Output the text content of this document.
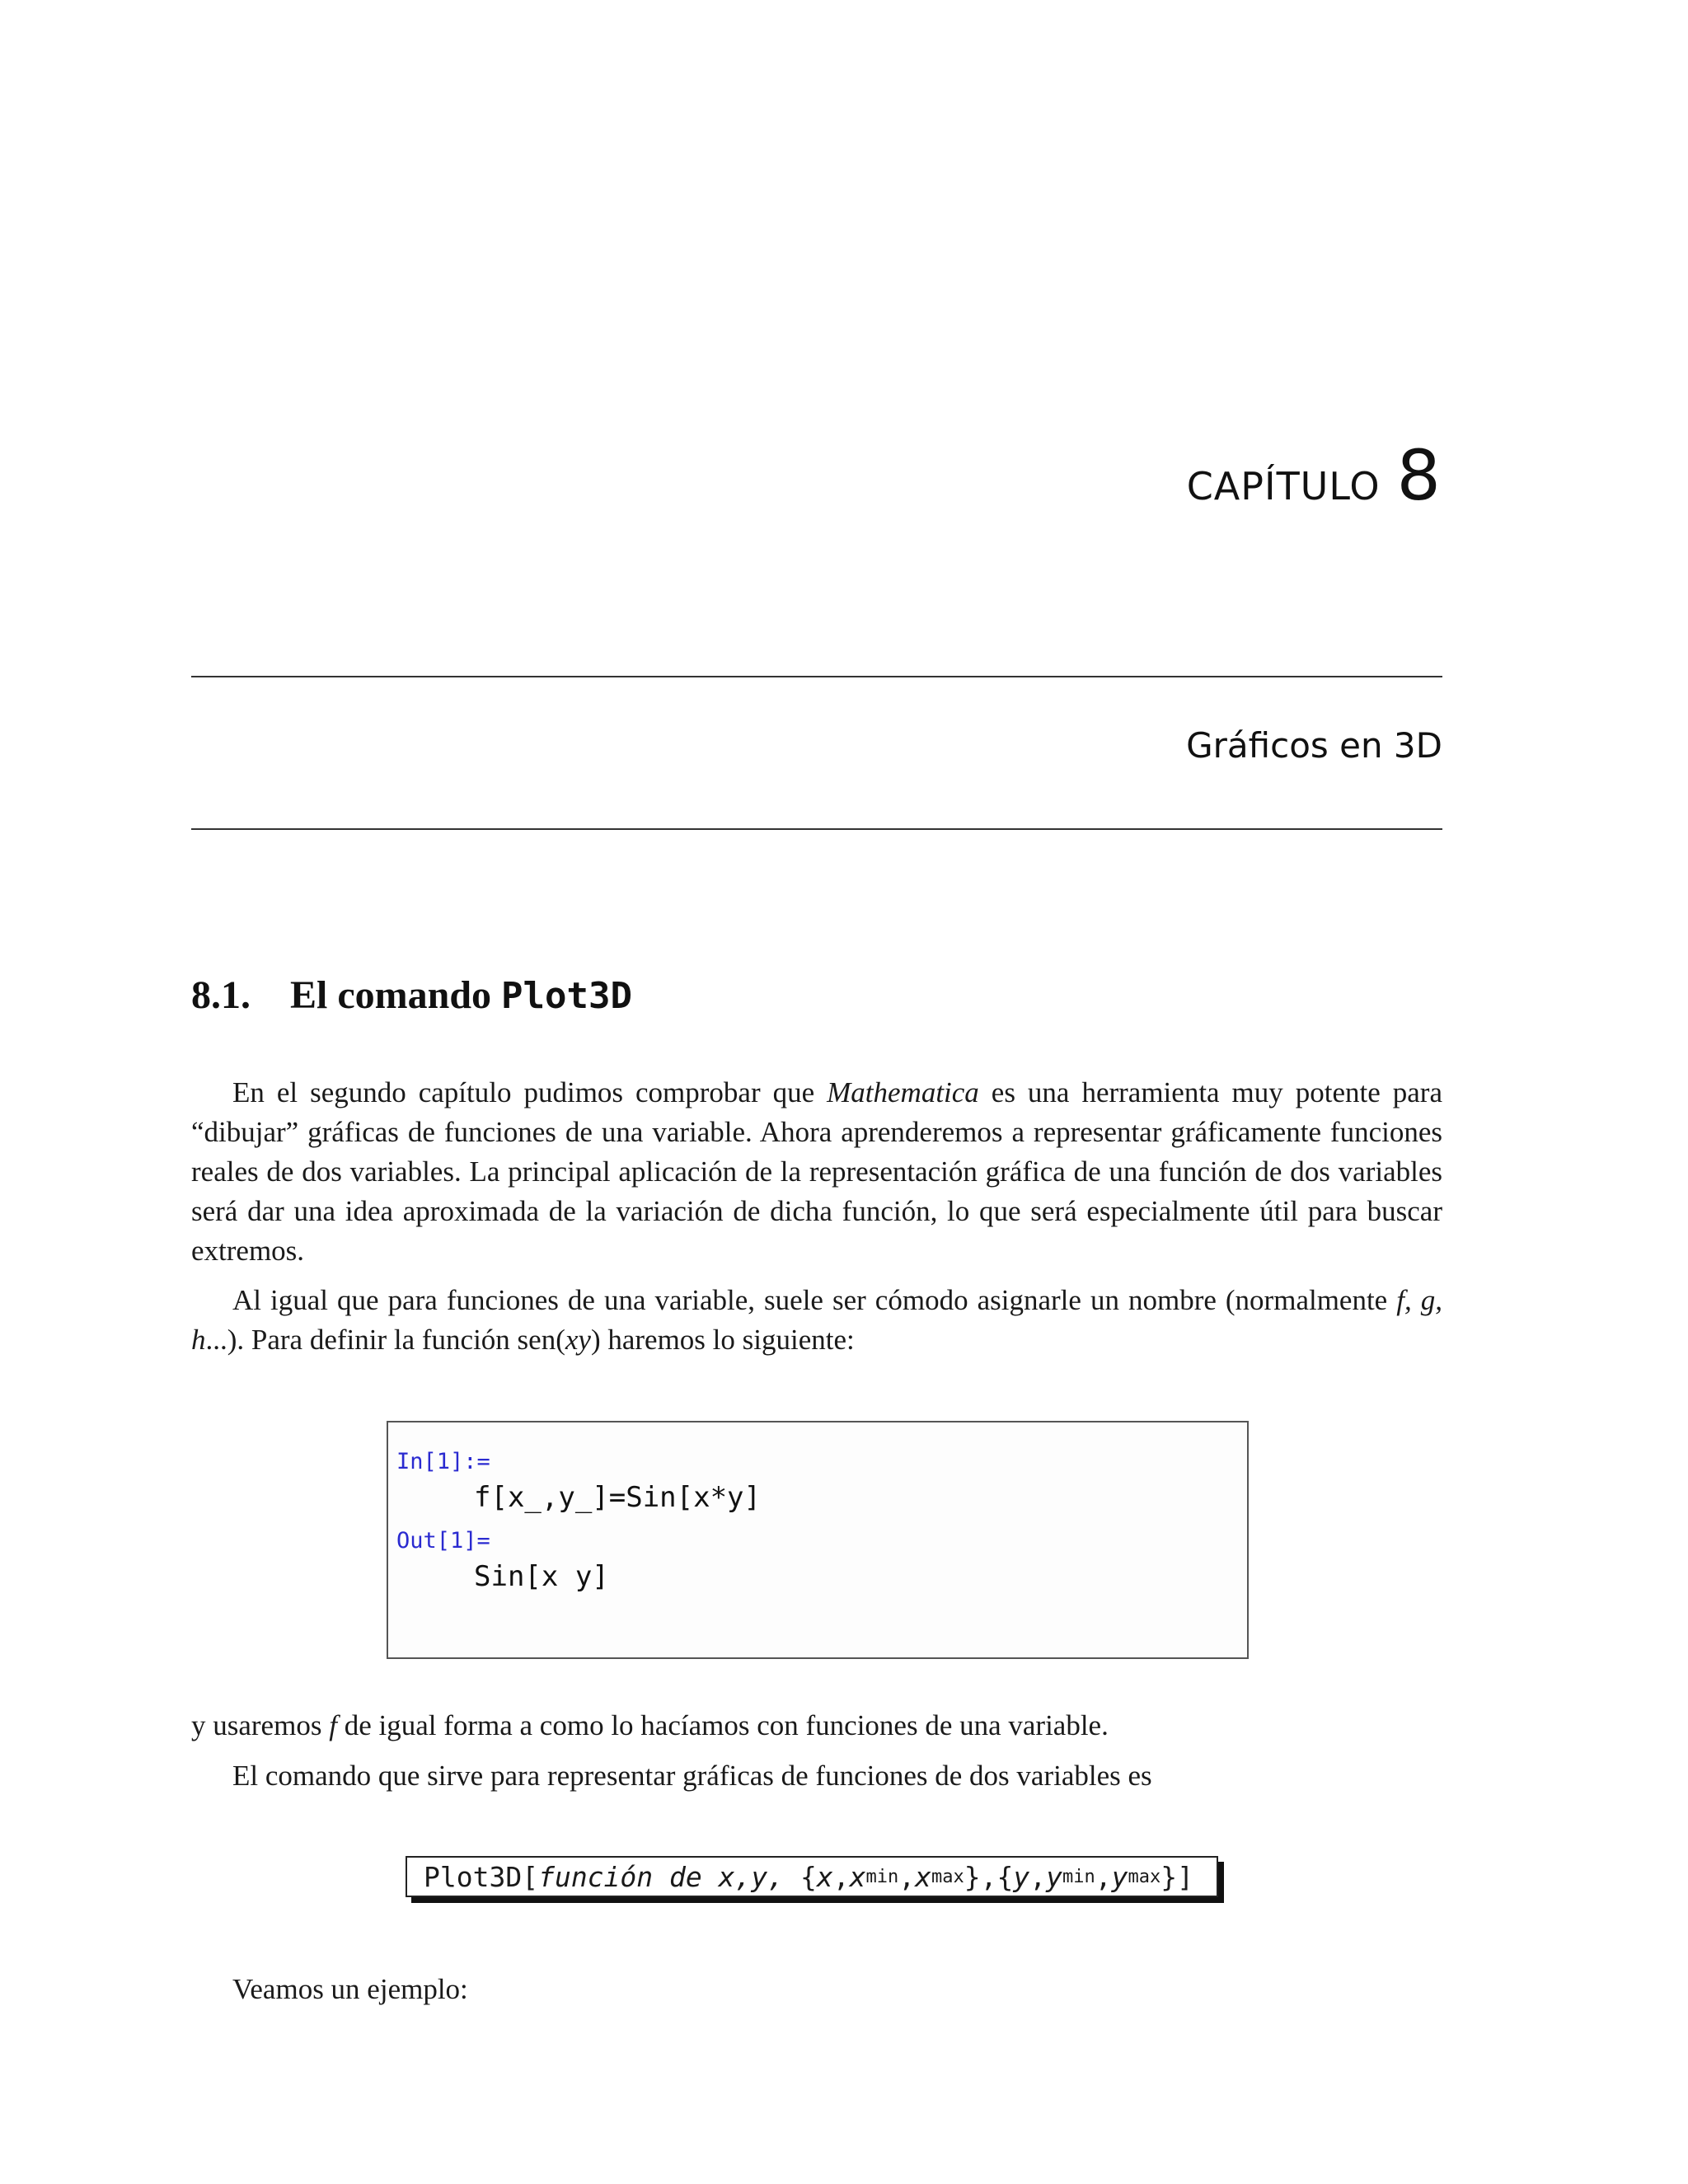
CAPÍTULO 8
Gráficos en 3D
8.1.	El comando Plot3D

En el segundo capítulo pudimos comprobar que Mathematica es una herramienta muy potente para “dibujar” gráficas de funciones de una variable. Ahora aprenderemos a representar gráficamente funciones reales de dos variables. La principal aplicación de la representación gráfica de una función de dos variables será dar una idea aproximada de la variación de dicha función, lo que será especialmente útil para buscar extremos.

Al igual que para funciones de una variable, suele ser cómodo asignarle un nombre (normalmente f, g, h...). Para definir la función sen(xy) haremos lo siguiente:

In[1]:=
f[x_,y_]=Sin[x*y]
Out[1]=
Sin[x y]

y usaremos f de igual forma a como lo hacíamos con funciones de una variable.

El comando que sirve para representar gráficas de funciones de dos variables es

Plot3D[ función de x,y, { x , x min , x max },{ y , y min , y max }]

Veamos un ejemplo:
